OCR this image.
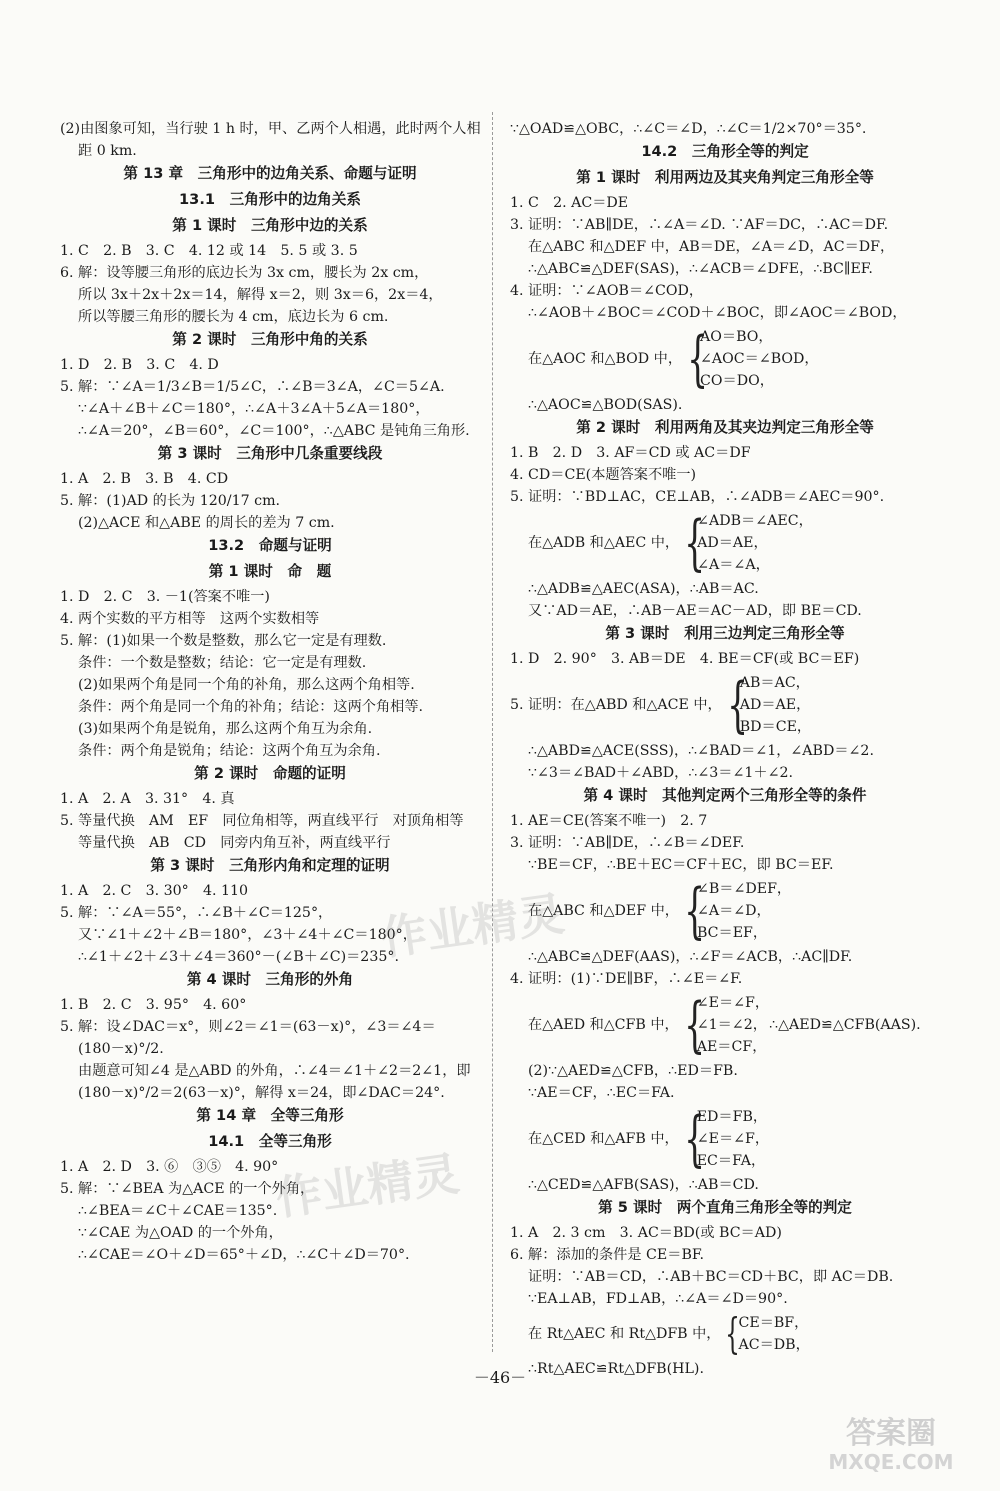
(2)由图象可知，当行驶 1 h 时，甲、乙两个人相遇，此时两个人相
距 0 km.
第 13 章　三角形中的边角关系、命题与证明
13.1　三角形中的边角关系
第 1 课时　三角形中边的关系
1. C　2. B　3. C　4. 12 或 14　5. 5 或 3. 5
6. 解：设等腰三角形的底边长为 3x cm，腰长为 2x cm，
所以 3x＋2x＋2x＝14，解得 x＝2，则 3x＝6，2x＝4，
所以等腰三角形的腰长为 4 cm，底边长为 6 cm.
第 2 课时　三角形中角的关系
1. D　2. B　3. C　4. D
5. 解：∵∠A＝1/3∠B＝1/5∠C，∴∠B＝3∠A，∠C＝5∠A.
∵∠A＋∠B＋∠C＝180°，∴∠A＋3∠A＋5∠A＝180°，
∴∠A＝20°，∠B＝60°，∠C＝100°，∴△ABC 是钝角三角形.
第 3 课时　三角形中几条重要线段
1. A　2. B　3. B　4. CD
5. 解：(1)AD 的长为 120/17 cm.
(2)△ACE 和△ABE 的周长的差为 7 cm.
13.2　命题与证明
第 1 课时　命　题
1. D　2. C　3. －1(答案不唯一)
4. 两个实数的平方相等　这两个实数相等
5. 解：(1)如果一个数是整数，那么它一定是有理数.
条件：一个数是整数；结论：它一定是有理数.
(2)如果两个角是同一个角的补角，那么这两个角相等.
条件：两个角是同一个角的补角；结论：这两个角相等.
(3)如果两个角是锐角，那么这两个角互为余角.
条件：两个角是锐角；结论：这两个角互为余角.
第 2 课时　命题的证明
1. A　2. A　3. 31°　4. 真
5. 等量代换　AM　EF　同位角相等，两直线平行　对顶角相等
等量代换　AB　CD　同旁内角互补，两直线平行
第 3 课时　三角形内角和定理的证明
1. A　2. C　3. 30°　4. 110
5. 解：∵∠A＝55°，∴∠B＋∠C＝125°，
又∵∠1＋∠2＋∠B＝180°，∠3＋∠4＋∠C＝180°，
∴∠1＋∠2＋∠3＋∠4＝360°－(∠B＋∠C)＝235°.
第 4 课时　三角形的外角
1. B　2. C　3. 95°　4. 60°
5. 解：设∠DAC＝x°，则∠2＝∠1＝(63－x)°，∠3＝∠4＝
(180－x)°/2.
由题意可知∠4 是△ABD 的外角，∴∠4＝∠1＋∠2＝2∠1，即
(180－x)°/2＝2(63－x)°，解得 x＝24，即∠DAC＝24°.
第 14 章　全等三角形
14.1　全等三角形
1. A　2. D　3. ⑥　③⑤　4. 90°
5. 解：∵∠BEA 为△ACE 的一个外角，
∴∠BEA＝∠C＋∠CAE＝135°.
∵∠CAE 为△OAD 的一个外角，
∴∠CAE＝∠O＋∠D＝65°＋∠D，∴∠C＋∠D＝70°.
∵△OAD≌△OBC，∴∠C＝∠D，∴∠C＝1/2×70°＝35°.
14.2　三角形全等的判定
第 1 课时　利用两边及其夹角判定三角形全等
1. C　2. AC＝DE
3. 证明：∵AB∥DE，∴∠A＝∠D. ∵AF＝DC，∴AC＝DF.
在△ABC 和△DEF 中，AB＝DE，∠A＝∠D，AC＝DF，
∴△ABC≌△DEF(SAS)，∴∠ACB＝∠DFE，∴BC∥EF.
4. 证明：∵∠AOB＝∠COD，
∴∠AOB＋∠BOC＝∠COD＋∠BOC，即∠AOC＝∠BOD，
在△AOC 和△BOD 中， {
AO＝BO，
∠AOC＝∠BOD，
CO＝DO，
∴△AOC≌△BOD(SAS).
第 2 课时　利用两角及其夹边判定三角形全等
1. B　2. D　3. AF＝CD 或 AC＝DF
4. CD＝CE(本题答案不唯一)
5. 证明：∵BD⊥AC，CE⊥AB，∴∠ADB＝∠AEC＝90°.
在△ADB 和△AEC 中， {
∠ADB＝∠AEC，
AD＝AE，
∠A＝∠A，
∴△ADB≌△AEC(ASA)，∴AB＝AC.
又∵AD＝AE，∴AB－AE＝AC－AD，即 BE＝CD.
第 3 课时　利用三边判定三角形全等
1. D　2. 90°　3. AB＝DE　4. BE＝CF(或 BC＝EF)
5. 证明：在△ABD 和△ACE 中， {
AB＝AC，
AD＝AE，
BD＝CE，
∴△ABD≌△ACE(SSS)，∴∠BAD＝∠1，∠ABD＝∠2.
∵∠3＝∠BAD＋∠ABD，∴∠3＝∠1＋∠2.
第 4 课时　其他判定两个三角形全等的条件
1. AE＝CE(答案不唯一)　2. 7
3. 证明：∵AB∥DE，∴∠B＝∠DEF.
∵BE＝CF，∴BE＋EC＝CF＋EC，即 BC＝EF.
在△ABC 和△DEF 中， {
∠B＝∠DEF，
∠A＝∠D，
BC＝EF，
∴△ABC≌△DEF(AAS)，∴∠F＝∠ACB，∴AC∥DF.
4. 证明：(1)∵DE∥BF，∴∠E＝∠F.
在△AED 和△CFB 中， {
∠E＝∠F，
∠1＝∠2，
AE＝CF，
∴△AED≌△CFB(AAS).
(2)∵△AED≌△CFB，∴ED＝FB.
∵AE＝CF，∴EC＝FA.
在△CED 和△AFB 中， {
ED＝FB，
∠E＝∠F，
EC＝FA，
∴△CED≌△AFB(SAS)，∴AB＝CD.
第 5 课时　两个直角三角形全等的判定
1. A　2. 3 cm　3. AC＝BD(或 BC＝AD)
6. 解：添加的条件是 CE＝BF.
证明：∵AB＝CD，∴AB＋BC＝CD＋BC，即 AC＝DB.
∵EA⊥AB，FD⊥AB，∴∠A＝∠D＝90°.
在 Rt△AEC 和 Rt△DFB 中， {
CE＝BF，
AC＝DB，
∴Rt△AEC≌Rt△DFB(HL).
作业精灵
作业精灵
－46－
答案圈
MXQE.COM
